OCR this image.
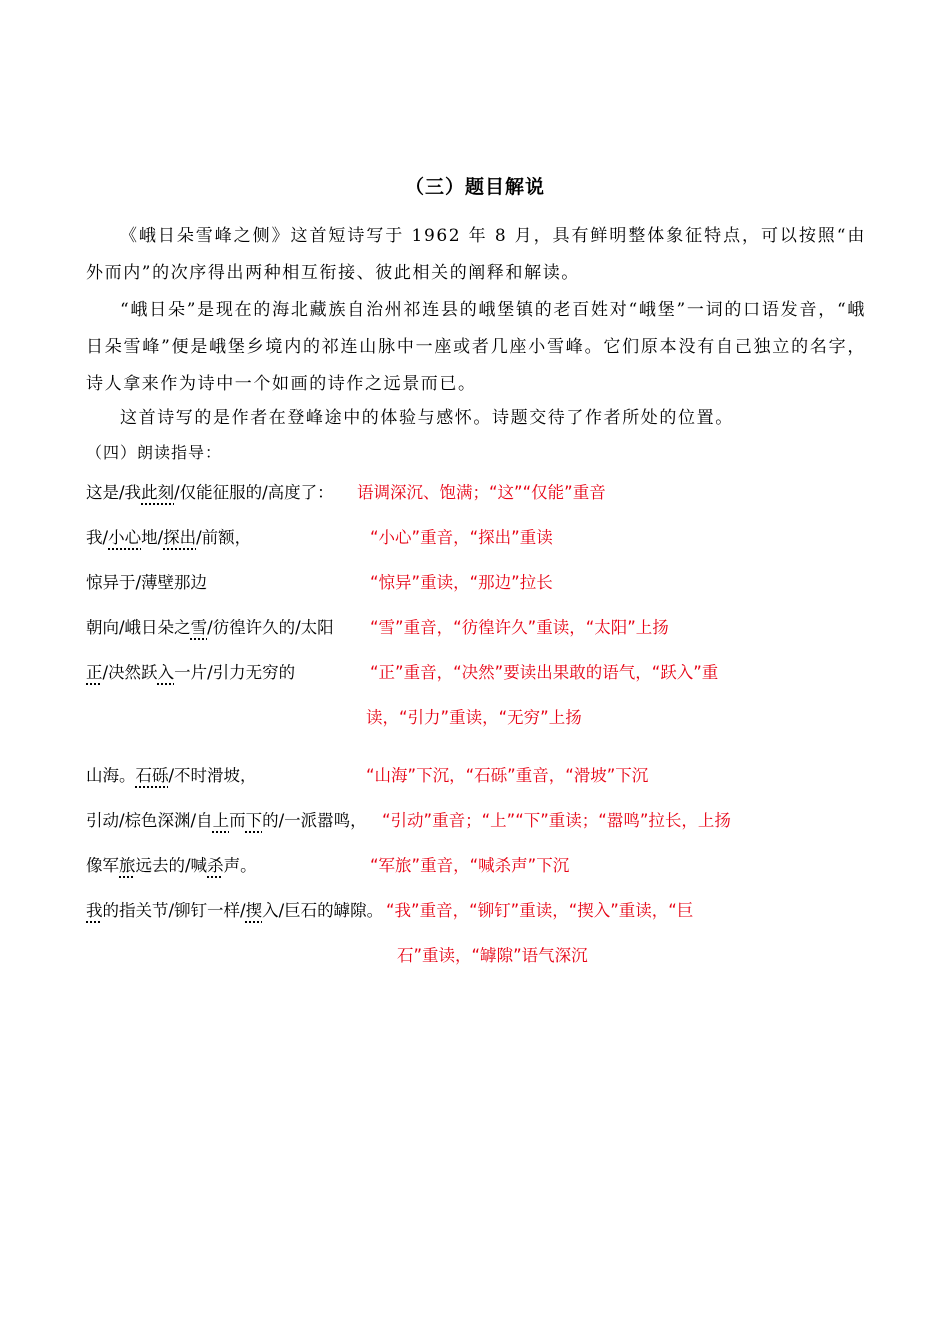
（三）题目解说
《峨日朵雪峰之侧》这首短诗写于 1962 年 8 月，具有鲜明整体象征特点，可以按照“由外而内”的次序得出两种相互衔接、彼此相关的阐释和解读。
“峨日朵”是现在的海北藏族自治州祁连县的峨堡镇的老百姓对“峨堡”一词的口语发音，“峨日朵雪峰”便是峨堡乡境内的祁连山脉中一座或者几座小雪峰。它们原本没有自己独立的名字，诗人拿来作为诗中一个如画的诗作之远景而已。
这首诗写的是作者在登峰途中的体验与感怀。诗题交待了作者所处的位置。
（四）朗读指导：
这是/我此刻/仅能征服的/高度了： 语调深沉、饱满；“这”“仅能”重音
我/小心地/探出/前额，	“小心”重音，“探出”重读
惊异于/薄壁那边	“惊异”重读，“那边”拉长
朝向/峨日朵之雪/彷徨许久的/太阳 “雪”重音，“彷徨许久”重读，“太阳”上扬
正/决然跃入一片/引力无穷的	“正”重音，“决然”要读出果敢的语气，“跃入”重
读，“引力”重读，“无穷”上扬
山海。石砾/不时滑坡，	“山海”下沉，“石砾”重音，“滑坡”下沉
引动/棕色深渊/自上而下的/一派嚣鸣， “引动”重音；“上”“下”重读；“嚣鸣”拉长，上扬
像军旅远去的/喊杀声。	“军旅”重音，“喊杀声”下沉
我的指关节/铆钉一样/揳入/巨石的罅隙。 “我”重音，“铆钉”重读，“揳入”重读，“巨
石”重读，“罅隙”语气深沉
